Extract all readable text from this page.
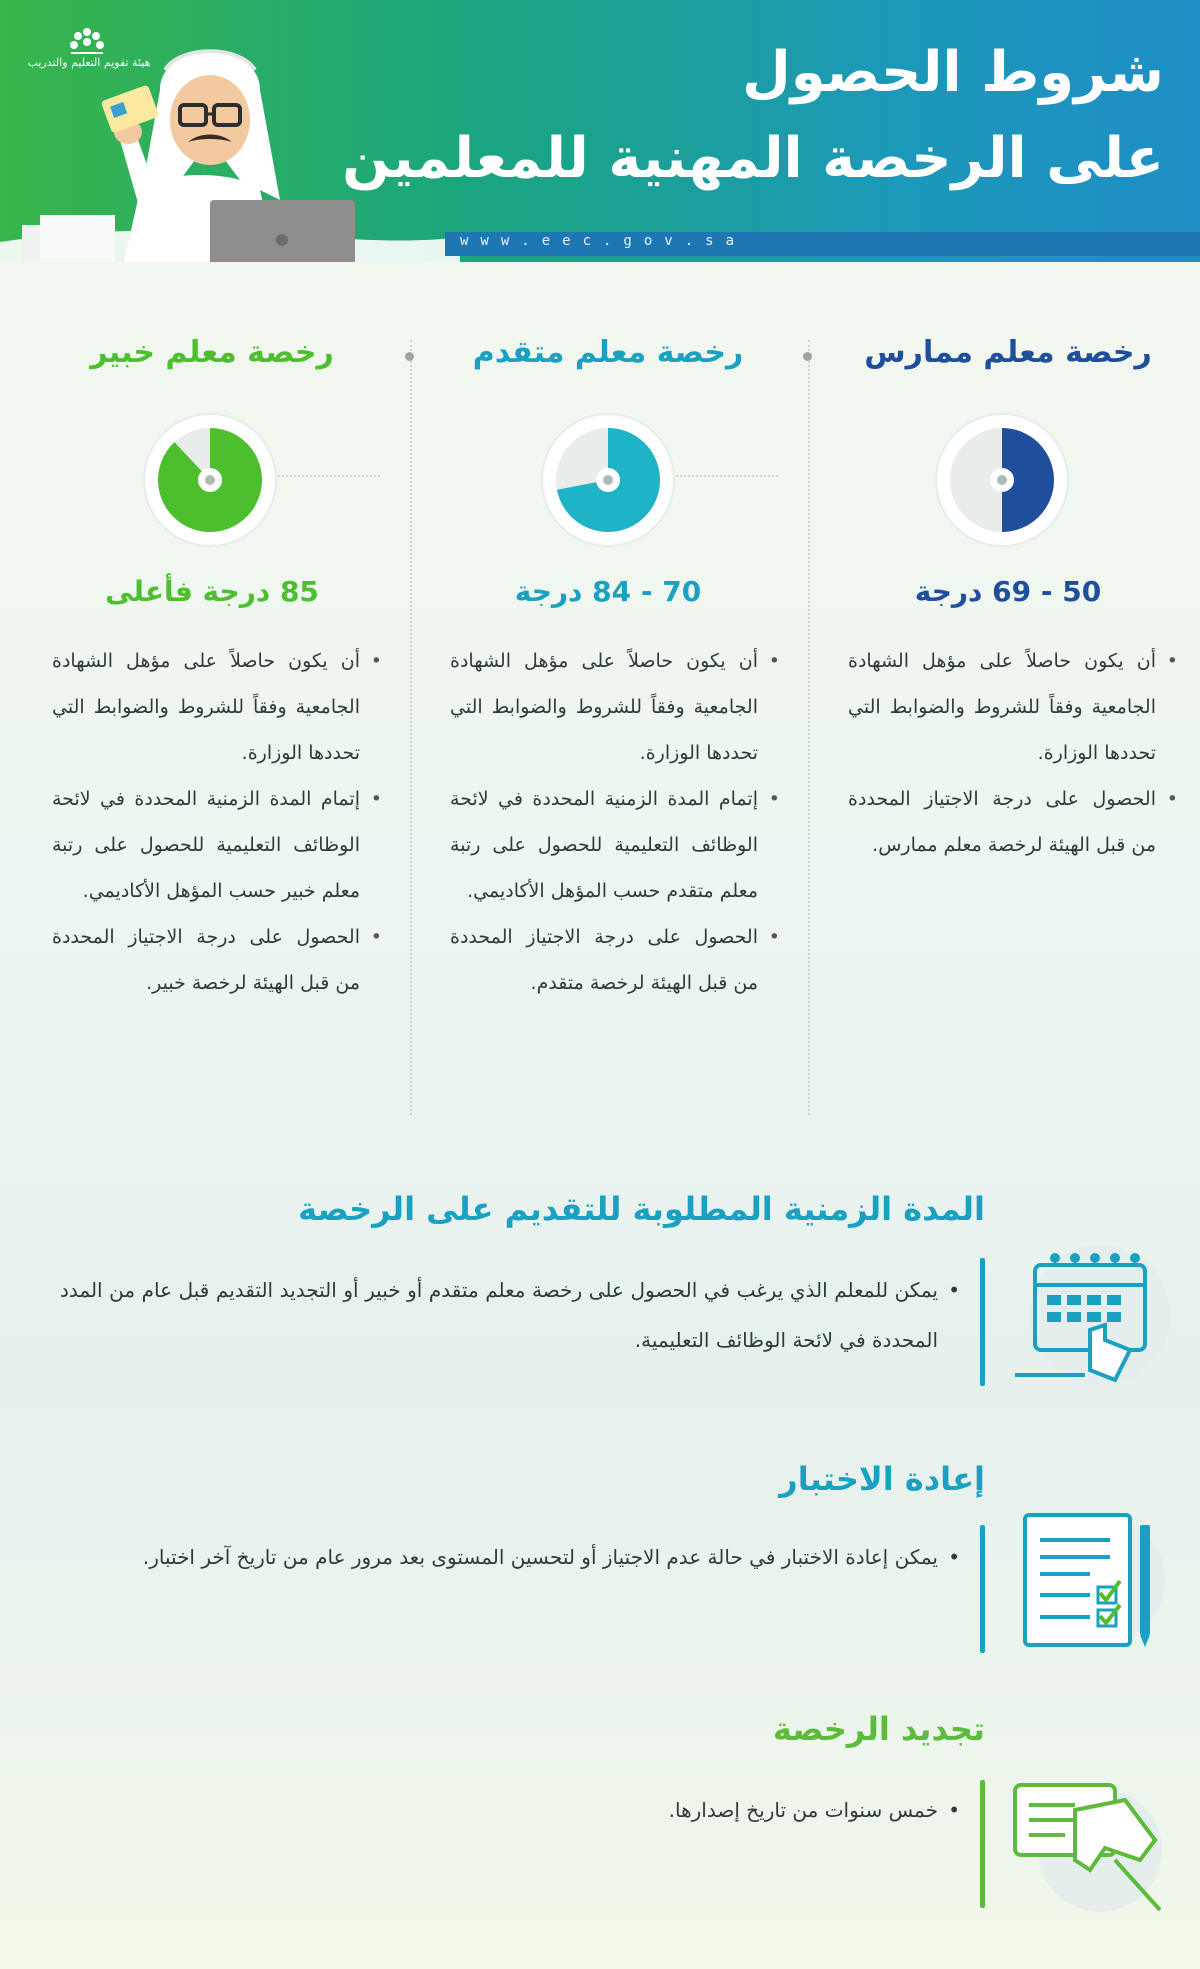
هيئة تقويم التعليم والتدريب	شروط الحصول
على الرخصة المهنية للمعلمين
www.eec.gov.sa
رخصة معلم ممارس
50 - 69 درجة
• أن يكون حاصلاً على مؤهل الشهادة الجامعية وفقاً للشروط والضوابط التي تحددها الوزارة.
• الحصول على درجة الاجتياز المحددة من قبل الهيئة لرخصة معلم ممارس.
رخصة معلم متقدم
70 - 84 درجة
• أن يكون حاصلاً على مؤهل الشهادة الجامعية وفقاً للشروط والضوابط التي تحددها الوزارة.
• إتمام المدة الزمنية المحددة في لائحة الوظائف التعليمية للحصول على رتبة معلم متقدم حسب المؤهل الأكاديمي.
• الحصول على درجة الاجتياز المحددة من قبل الهيئة لرخصة متقدم.
رخصة معلم خبير
85 درجة فأعلى
• أن يكون حاصلاً على مؤهل الشهادة الجامعية وفقاً للشروط والضوابط التي تحددها الوزارة.
• إتمام المدة الزمنية المحددة في لائحة الوظائف التعليمية للحصول على رتبة معلم خبير حسب المؤهل الأكاديمي.
• الحصول على درجة الاجتياز المحددة من قبل الهيئة لرخصة خبير.
المدة الزمنية المطلوبة للتقديم على الرخصة
• يمكن للمعلم الذي يرغب في الحصول على رخصة معلم متقدم أو خبير أو التجديد التقديم قبل عام من المدد المحددة في لائحة الوظائف التعليمية.
إعادة الاختبار
• يمكن إعادة الاختبار في حالة عدم الاجتياز أو لتحسين المستوى بعد مرور عام من تاريخ آخر اختبار.
تجديد الرخصة
• خمس سنوات من تاريخ إصدارها.
